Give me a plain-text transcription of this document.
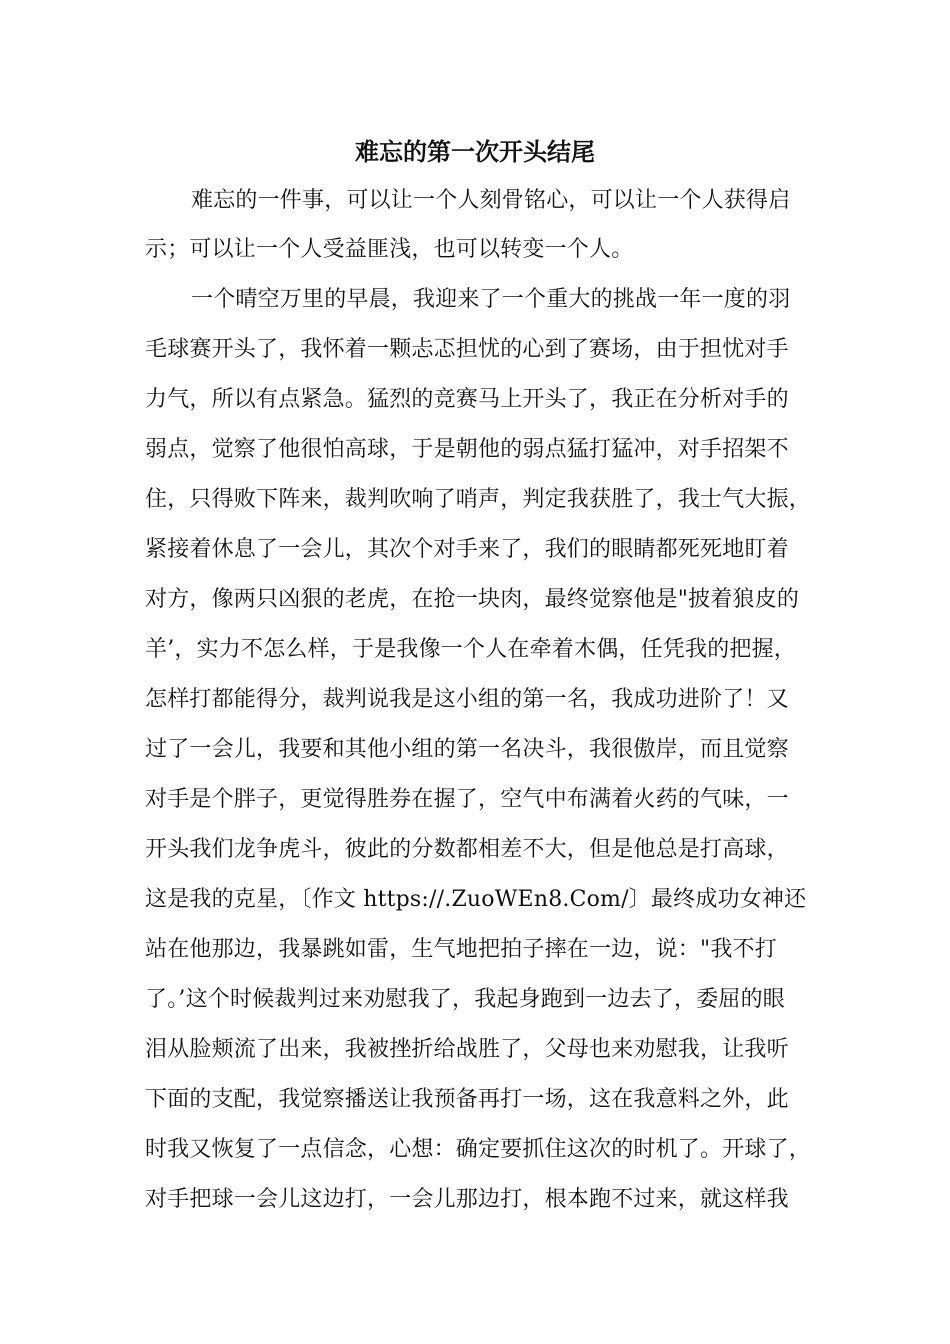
难忘的第一次开头结尾
难忘的一件事，可以让一个人刻骨铭心，可以让一个人获得启
示；可以让一个人受益匪浅，也可以转变一个人。
一个晴空万里的早晨，我迎来了一个重大的挑战一年一度的羽
毛球赛开头了，我怀着一颗忐忑担忧的心到了赛场，由于担忧对手
力气，所以有点紧急。猛烈的竞赛马上开头了，我正在分析对手的
弱点，觉察了他很怕高球，于是朝他的弱点猛打猛冲，对手招架不
住，只得败下阵来，裁判吹响了哨声，判定我获胜了，我士气大振，
紧接着休息了一会儿，其次个对手来了，我们的眼睛都死死地盯着
对方，像两只凶狠的老虎，在抢一块肉，最终觉察他是"披着狼皮的
羊’，实力不怎么样，于是我像一个人在牵着木偶，任凭我的把握，
怎样打都能得分，裁判说我是这小组的第一名，我成功进阶了！又
过了一会儿，我要和其他小组的第一名决斗，我很傲岸，而且觉察
对手是个胖子，更觉得胜券在握了，空气中布满着火药的气味，一
开头我们龙争虎斗，彼此的分数都相差不大，但是他总是打高球，
这是我的克星，〔作文 https://.ZuoWEn8.Com/〕最终成功女神还
站在他那边，我暴跳如雷，生气地把拍子摔在一边，说："我不打
了。’这个时候裁判过来劝慰我了，我起身跑到一边去了，委屈的眼
泪从脸颊流了出来，我被挫折给战胜了，父母也来劝慰我，让我听
下面的支配，我觉察播送让我预备再打一场，这在我意料之外，此
时我又恢复了一点信念，心想：确定要抓住这次的时机了。开球了，
对手把球一会儿这边打，一会儿那边打，根本跑不过来，就这样我
